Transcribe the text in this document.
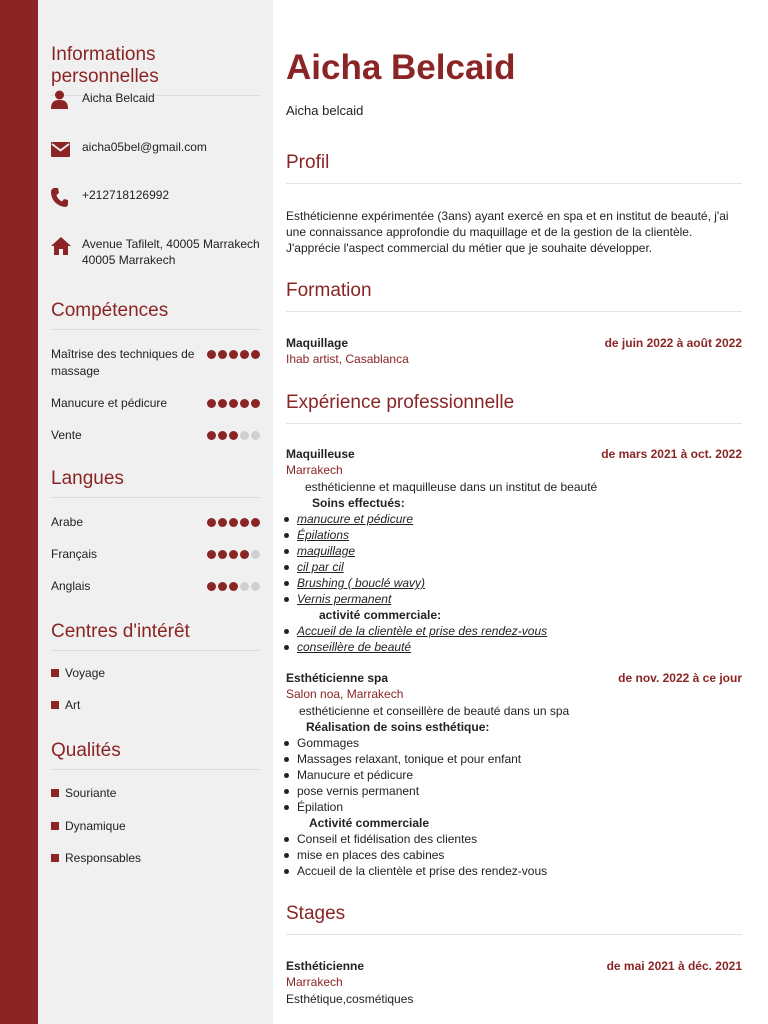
Informations personnelles
Aicha Belcaid
aicha05bel@gmail.com
+212718126992
Avenue Tafilelt, 40005 Marrakech
40005 Marrakech
Compétences
Maîtrise des techniques de
massage
Manucure et pédicure
Vente
Langues
Arabe
Français
Anglais
Centres d'intérêt
Voyage
Art
Qualités
Souriante
Dynamique
Responsables
Aicha Belcaid
Aicha belcaid
Profil
Esthéticienne expérimentée (3ans) ayant exercé en spa et en institut de beauté, j'ai
une connaissance approfondie du maquillage et de la gestion de la clientèle.
J'apprécie l'aspect commercial du métier que je souhaite développer.
Formation
Maquillage	de juin 2022 à août 2022
Ihab artist, Casablanca
Expérience professionnelle
Maquilleuse	de mars 2021 à oct. 2022
Marrakech
esthéticienne et maquilleuse dans un institut de beauté
Soins effectués:
manucure et pédicure
Épilations
maquillage
cil par cil
Brushing ( bouclé wavy)
Vernis permanent
activité commerciale:
Accueil de la clientèle et prise des rendez-vous
conseillère de beauté
Esthéticienne spa	de nov. 2022 à ce jour
Salon noa, Marrakech
esthéticienne et conseillère de beauté dans un spa
Réalisation de soins esthétique:
Gommages
Massages relaxant, tonique et pour enfant
Manucure et pédicure
pose vernis permanent
Épilation
Activité commerciale
Conseil et fidélisation des clientes
mise en places des cabines
Accueil de la clientèle et prise des rendez-vous
Stages
Esthéticienne	de mai 2021 à déc. 2021
Marrakech
Esthétique,cosmétiques
